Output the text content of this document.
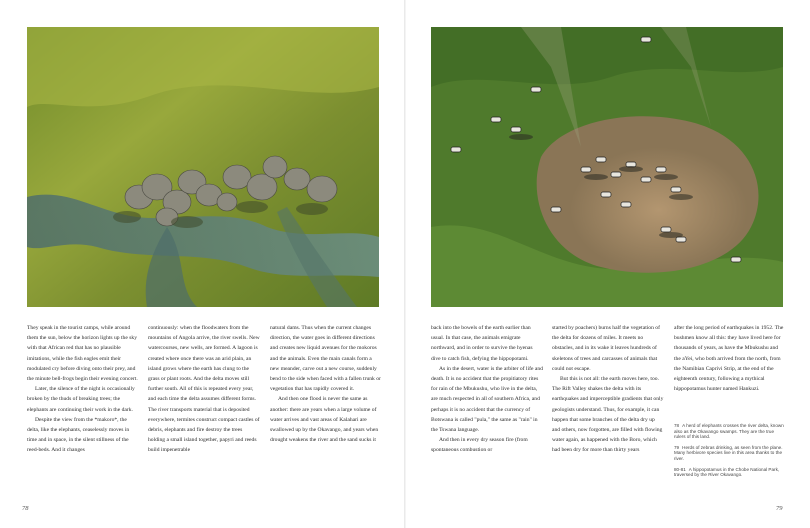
They speak in the tourist camps, while around them the sun, below the horizon lights up the sky with that African red that has no plausible imitations, while the fish eagles emit their modulated cry before diving onto their prey, and the minute bell-frogs begin their evening concert.

Later, the silence of the night is occasionally broken by the thuds of breaking trees; the elephants are continuing their work in the dark.

Despite the view from the *makoro*, the delta, like the elephants, ceaselessly moves in time and in space, in the silent stillness of the reed-beds. And it changes

continuously: when the floodwaters from the mountains of Angola arrive, the river swells. New watercourses, new wells, are formed. A lagoon is created where once there was an arid plain, an island grows where the earth has clung to the grass or plant roots. And the delta moves still further south. All of this is repeated every year, and each time the delta assumes different forms. The river transports material that is deposited everywhere, termites construct compact castles of debris, elephants and fire destroy the trees holding a small island together, papyri and reeds build impenetrable

natural dams. Thus when the current changes direction, the water goes in different directions and creates new liquid avenues for the mokoros and the animals. Even the main canals form a new meander, carve out a new course, suddenly bend to the side when faced with a fallen trunk or vegetation that has rapidly covered it.

And then one flood is never the same as another: there are years when a large volume of water arrives and vast areas of Kalahari are swallowed up by the Okavango, and years when drought weakens the river and the sand sucks it

back into the bowels of the earth earlier than usual. In that case, the animals emigrate northward, and in order to survive the hyenas dive to catch fish, defying the hippopotami.

As in the desert, water is the arbiter of life and death. It is no accident that the propitiatory rites for rain of the Mbukushu, who live in the delta, are much respected in all of southern Africa, and perhaps it is no accident that the currency of Botswana is called "pula," the same as "rain" in the Tswana language.

And then in every dry season fire (from spontaneous combustion or

started by poachers) burns half the vegetation of the delta for dozens of miles. It meets no obstacles, and in its wake it leaves hundreds of skeletons of trees and carcasses of animals that could not escape.

But this is not all: the earth moves here, too. The Rift Valley shakes the delta with its earthquakes and imperceptible gradients that only geologists understand. Thus, for example, it can happen that some branches of the delta dry up and others, now forgotten, are filled with flowing water again, as happened with the Boro, which had been dry for more than thirty years

after the long period of earthquakes in 1952. The bushmen know all this: they have lived here for thousands of years, as have the Mbukushu and the aYei, who both arrived from the north, from the Namibian Caprivi Strip, at the end of the eighteenth century, following a mythical hippopotamus hunter named Hankuzi.

78 A herd of elephants crosses the river delta, known also as the Okavango swamps. They are the true rulers of this land.

79 Herds of zebras drinking, as seen from the plane. Many herbivore species live in this area thanks to the river.

80-81 A hippopotamus in the Chobe National Park, traversed by the River Okavango.

78	79
